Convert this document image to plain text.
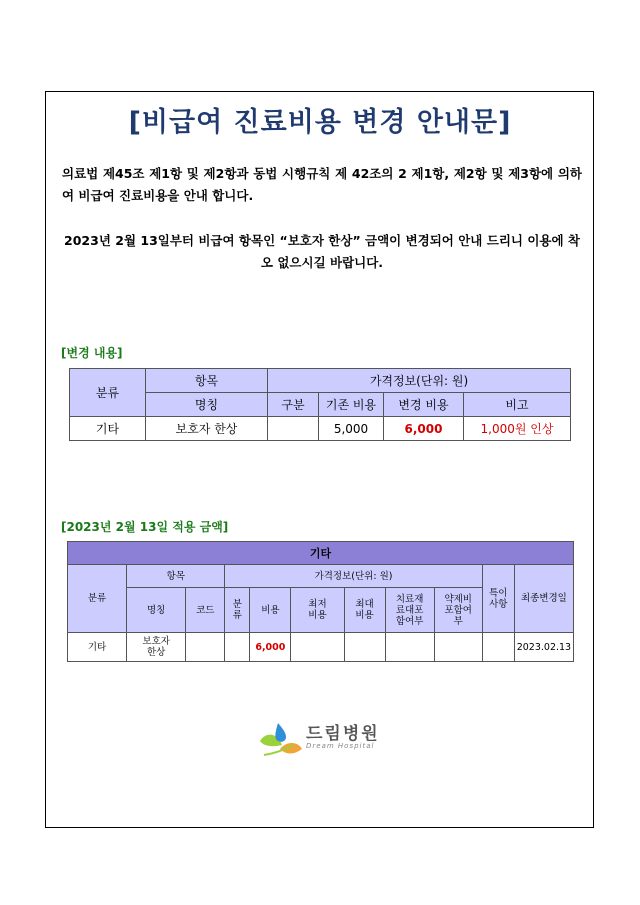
[비급여 진료비용 변경 안내문]
의료법 제45조 제1항 및 제2항과 동법 시행규칙 제 42조의 2 제1항, 제2항 및 제3항에 의하여 비급여 진료비용을 안내 합니다.
2023년 2월 13일부터 비급여 항목인 “보호자 한상” 금액이 변경되어 안내 드리니 이용에 착오 없으시길 바랍니다.
[변경 내용]
분류	항목	가격정보(단위: 원)			
	명칭	구분	기존 비용	변경 비용	비고
기타	보호자 한상		5,000	6,000	1,000원 인상
[2023년 2월 13일 적용 금액]
기타										
분류	항목		가격정보(단위: 원)						특이사항	최종변경일
	명칭	코드	분류	비용	최저비용	최대비용	치료재료대포함여부	약제비포함여부		
기타	보호자 한상			6,000						2023.02.13
드림병원
Dream Hospital
